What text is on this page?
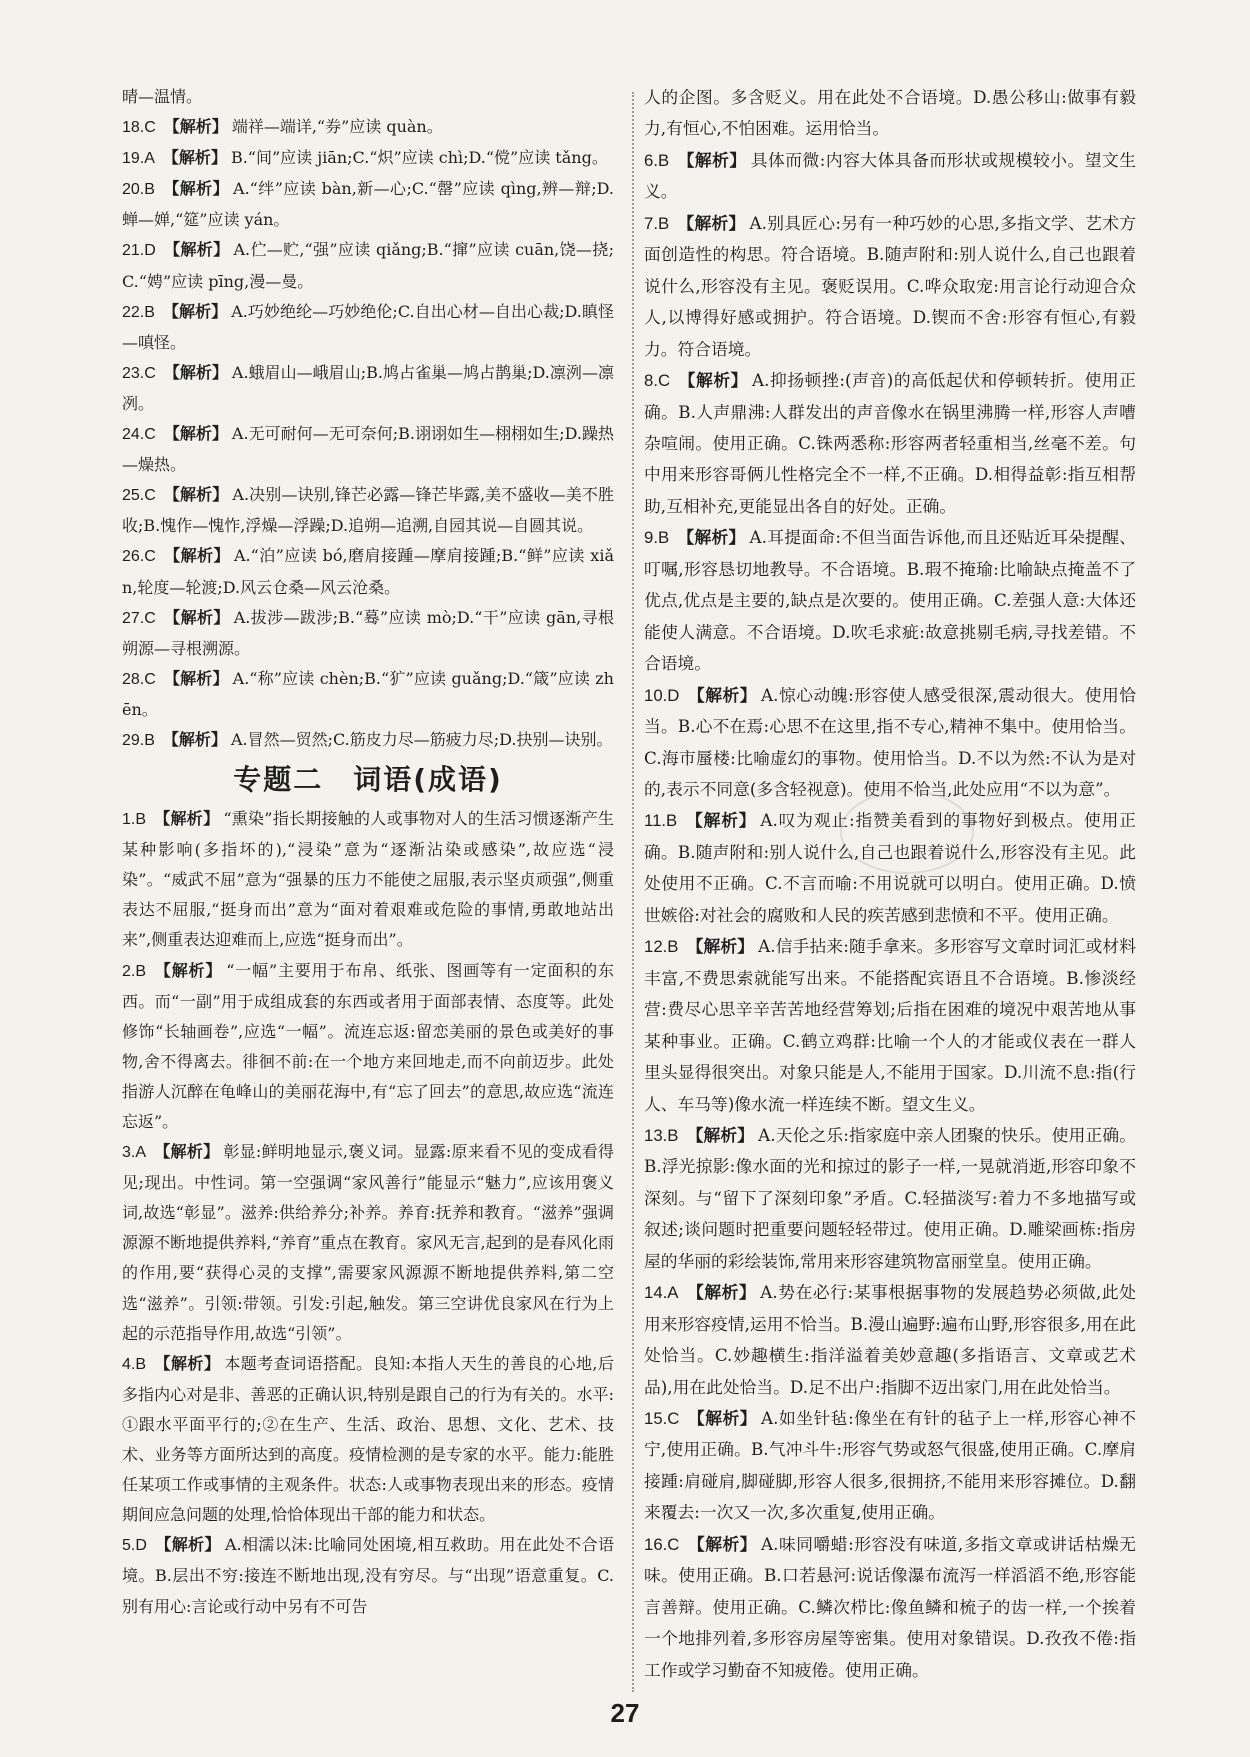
晴—温情。

18.C 【解析】 端祥—端详,“券”应读 quàn。

19.A 【解析】 B.“间”应读 jiān;C.“炽”应读 chì;D.“傥”应读 tǎng。

20.B 【解析】 A.“绊”应读 bàn,新—心;C.“罄”应读 qìng,辨—辩;D.蝉—婵,“筵”应读 yán。

21.D 【解析】 A.伫—贮,“强”应读 qiǎng;B.“撺”应读 cuān,饶—挠;C.“娉”应读 pīng,漫—曼。

22.B 【解析】 A.巧妙绝纶—巧妙绝伦;C.自出心材—自出心裁;D.瞋怪—嗔怪。

23.C 【解析】 A.蛾眉山—峨眉山;B.鸠占雀巢—鸠占鹊巢;D.凛洌—凛冽。

24.C 【解析】 A.无可耐何—无可奈何;B.诩诩如生—栩栩如生;D.躁热—燥热。

25.C 【解析】 A.决别—诀别,锋芒必露—锋芒毕露,美不盛收—美不胜收;B.愧作—愧怍,浮燥—浮躁;D.追朔—追溯,自园其说—自圆其说。

26.C 【解析】 A.“泊”应读 bó,磨肩接踵—摩肩接踵;B.“鲜”应读 xiǎn,轮度—轮渡;D.风云仓桑—风云沧桑。

27.C 【解析】 A.拔涉—跋涉;B.“蓦”应读 mò;D.“干”应读 gān,寻根朔源—寻根溯源。

28.C 【解析】 A.“称”应读 chèn;B.“犷”应读 guǎng;D.“箴”应读 zhēn。

29.B 【解析】 A.冒然—贸然;C.筋皮力尽—筋疲力尽;D.抉别—诀别。

专题二　词语(成语)

1.B 【解析】 “熏染”指长期接触的人或事物对人的生活习惯逐渐产生某种影响(多指坏的),“浸染”意为“逐渐沾染或感染”,故应选“浸染”。“威武不屈”意为“强暴的压力不能使之屈服,表示坚贞顽强”,侧重表达不屈服,“挺身而出”意为“面对着艰难或危险的事情,勇敢地站出来”,侧重表达迎难而上,应选“挺身而出”。

2.B 【解析】 “一幅”主要用于布帛、纸张、图画等有一定面积的东西。而“一副”用于成组成套的东西或者用于面部表情、态度等。此处修饰“长轴画卷”,应选“一幅”。流连忘返:留恋美丽的景色或美好的事物,舍不得离去。徘徊不前:在一个地方来回地走,而不向前迈步。此处指游人沉醉在龟峰山的美丽花海中,有“忘了回去”的意思,故应选“流连忘返”。

3.A 【解析】 彰显:鲜明地显示,褒义词。显露:原来看不见的变成看得见;现出。中性词。第一空强调“家风善行”能显示“魅力”,应该用褒义词,故选“彰显”。滋养:供给养分;补养。养育:抚养和教育。“滋养”强调源源不断地提供养料,“养育”重点在教育。家风无言,起到的是春风化雨的作用,要“获得心灵的支撑”,需要家风源源不断地提供养料,第二空选“滋养”。引领:带领。引发:引起,触发。第三空讲优良家风在行为上起的示范指导作用,故选“引领”。

4.B 【解析】 本题考查词语搭配。良知:本指人天生的善良的心地,后多指内心对是非、善恶的正确认识,特别是跟自己的行为有关的。水平:①跟水平面平行的;②在生产、生活、政治、思想、文化、艺术、技术、业务等方面所达到的高度。疫情检测的是专家的水平。能力:能胜任某项工作或事情的主观条件。状态:人或事物表现出来的形态。疫情期间应急问题的处理,恰恰体现出干部的能力和状态。

5.D 【解析】 A.相濡以沫:比喻同处困境,相互救助。用在此处不合语境。B.层出不穷:接连不断地出现,没有穷尽。与“出现”语意重复。C.别有用心:言论或行动中另有不可告

人的企图。多含贬义。用在此处不合语境。D.愚公移山:做事有毅力,有恒心,不怕困难。运用恰当。

6.B 【解析】 具体而微:内容大体具备而形状或规模较小。望文生义。

7.B 【解析】 A.别具匠心:另有一种巧妙的心思,多指文学、艺术方面创造性的构思。符合语境。B.随声附和:别人说什么,自己也跟着说什么,形容没有主见。褒贬误用。C.哗众取宠:用言论行动迎合众人,以博得好感或拥护。符合语境。D.锲而不舍:形容有恒心,有毅力。符合语境。

8.C 【解析】 A.抑扬顿挫:(声音)的高低起伏和停顿转折。使用正确。B.人声鼎沸:人群发出的声音像水在锅里沸腾一样,形容人声嘈杂喧闹。使用正确。C.铢两悉称:形容两者轻重相当,丝毫不差。句中用来形容哥俩儿性格完全不一样,不正确。D.相得益彰:指互相帮助,互相补充,更能显出各自的好处。正确。

9.B 【解析】 A.耳提面命:不但当面告诉他,而且还贴近耳朵提醒、叮嘱,形容恳切地教导。不合语境。B.瑕不掩瑜:比喻缺点掩盖不了优点,优点是主要的,缺点是次要的。使用正确。C.差强人意:大体还能使人满意。不合语境。D.吹毛求疵:故意挑剔毛病,寻找差错。不合语境。

10.D 【解析】 A.惊心动魄:形容使人感受很深,震动很大。使用恰当。B.心不在焉:心思不在这里,指不专心,精神不集中。使用恰当。C.海市蜃楼:比喻虚幻的事物。使用恰当。D.不以为然:不认为是对的,表示不同意(多含轻视意)。使用不恰当,此处应用“不以为意”。

11.B 【解析】 A.叹为观止:指赞美看到的事物好到极点。使用正确。B.随声附和:别人说什么,自己也跟着说什么,形容没有主见。此处使用不正确。C.不言而喻:不用说就可以明白。使用正确。D.愤世嫉俗:对社会的腐败和人民的疾苦感到悲愤和不平。使用正确。

12.B 【解析】 A.信手拈来:随手拿来。多形容写文章时词汇或材料丰富,不费思索就能写出来。不能搭配宾语且不合语境。B.惨淡经营:费尽心思辛辛苦苦地经营筹划;后指在困难的境况中艰苦地从事某种事业。正确。C.鹤立鸡群:比喻一个人的才能或仪表在一群人里头显得很突出。对象只能是人,不能用于国家。D.川流不息:指(行人、车马等)像水流一样连续不断。望文生义。

13.B 【解析】 A.天伦之乐:指家庭中亲人团聚的快乐。使用正确。B.浮光掠影:像水面的光和掠过的影子一样,一晃就消逝,形容印象不深刻。与“留下了深刻印象”矛盾。C.轻描淡写:着力不多地描写或叙述;谈问题时把重要问题轻轻带过。使用正确。D.雕梁画栋:指房屋的华丽的彩绘装饰,常用来形容建筑物富丽堂皇。使用正确。

14.A 【解析】 A.势在必行:某事根据事物的发展趋势必须做,此处用来形容疫情,运用不恰当。B.漫山遍野:遍布山野,形容很多,用在此处恰当。C.妙趣横生:指洋溢着美妙意趣(多指语言、文章或艺术品),用在此处恰当。D.足不出户:指脚不迈出家门,用在此处恰当。

15.C 【解析】 A.如坐针毡:像坐在有针的毡子上一样,形容心神不宁,使用正确。B.气冲斗牛:形容气势或怒气很盛,使用正确。C.摩肩接踵:肩碰肩,脚碰脚,形容人很多,很拥挤,不能用来形容摊位。D.翻来覆去:一次又一次,多次重复,使用正确。

16.C 【解析】 A.味同嚼蜡:形容没有味道,多指文章或讲话枯燥无味。使用正确。B.口若悬河:说话像瀑布流泻一样滔滔不绝,形容能言善辩。使用正确。C.鳞次栉比:像鱼鳞和梳子的齿一样,一个挨着一个地排列着,多形容房屋等密集。使用对象错误。D.孜孜不倦:指工作或学习勤奋不知疲倦。使用正确。

27
